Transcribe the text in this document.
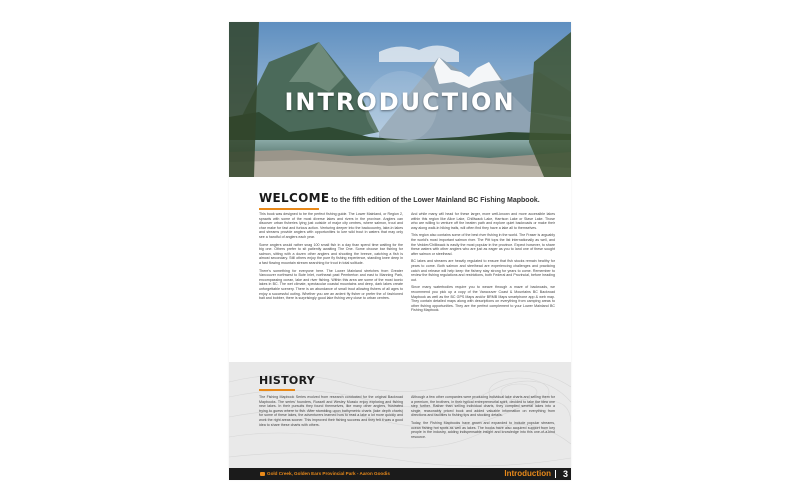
INTRODUCTION
WELCOME to the fifth edition of the Lower Mainland BC Fishing Mapbook.

This book was designed to be the perfect fishing guide. The Lower Mainland, or Region 2, sprawls with some of the most diverse lakes and rivers in the province. Anglers can discover urban fisheries lying just outside of major city centres, where salmon, trout and char make for fast and furious action. Venturing deeper into the backcountry, lake-in lakes and streams provide anglers with opportunities to lure wild trout in waters that may only see a handful of anglers each year.

Some anglers would rather snag 100 small fish in a day than spend time waiting for the big one. Others prefer to sit patiently awaiting The One. Some choose bar fishing for salmon, sitting with a dozen other anglers and shooting the breeze, catching a fish is almost secondary. Still others enjoy the pure fly fishing experience, standing knee deep in a fast flowing mountain stream searching for trout in total solitude.

There's something for everyone here. The Lower Mainland stretches from Greater Vancouver northwest to Bute Inlet, northeast past Pemberton and east to Manning Park, encompassing ocean, lake and river fishing. Within this area are some of the most iconic lakes in BC. The wet climate, spectacular coastal mountains and deep, dark lakes create unforgettable scenery. There is an abundance of small trout allowing fishers of all ages to enjoy a successful outing. Whether you are an ardent fly fisher or prefer the ol' fashioned bait and bobber, there is surprisingly good lake fishing very close to urban centres.

And while many will head for these larger, more well-known and more accessible lakes within this region like Alice Lake, Chilliwack Lake, Harrison Lake or Stave Lake. Those who are willing to venture off the beaten path and explore quiet backroads or make their way along walk-in hiking trails, will often find they have a lake all to themselves.

This region also contains some of the best river fishing in the world. The Fraser is arguably the world's most important salmon river. The Pitt tops the list internationally as well, and the Vedder/Chilliwack is easily the most popular in the province. Expect however, to share these waters with other anglers who are just as eager as you to land one of these sought after salmon or steelhead.

BC lakes and streams are heavily regulated to ensure that fish stocks remain healthy for years to come. Both salmon and steelhead are experiencing challenges and practicing catch and release will help keep the fishery stay strong for years to come. Remember to review the fishing regulations and restrictions, both Federal and Provincial, before heading out.

Since many waterbodies require you to weave through a maze of backroads, we recommend you pick up a copy of the Vancouver Coast & Mountains BC Backroad Mapbook as well as the BC GPS Maps and/or BRMB Maps smartphone app & web map. They contain detailed maps along with descriptions on everything from camping areas to other fishing opportunities. They are the perfect complement to your Lower Mainland BC Fishing Mapbook.

HISTORY

The Fishing Mapbook Series evolved from research conducted for the original Backroad Mapbooks. The series' founders, Russell and Wesley Mussio enjoy exploring and fishing new lakes. In their pursuits they found themselves, like many other anglers, frustrated trying to guess where to fish. After stumbling upon bathymetric charts (lake depth charts) for some of these lakes, the adventurers learned how to read a lake a lot more quickly and work the right areas sooner. This improved their fishing success and they felt it was a good idea to share these charts with others.

Although a few other companies were producing individual lake charts and selling them for a premium, the brothers, in their typical entrepreneurial spirit, decided to take the idea one step further. Rather than selling individual charts, they compiled several lakes into a single, reasonably priced book and added valuable information on everything from directions and facilities to fishing tips and stocking details.

Today, the Fishing Mapbooks have grown and expanded to include popular streams, ocean fishing hot spots as well as lakes. The books have also acquired support from key people in the industry, adding indispensable insight and knowledge into this one-of-a-kind resource.

Gold Creek, Golden Ears Provincial Park - Aaron Goodis	Introduction 3
